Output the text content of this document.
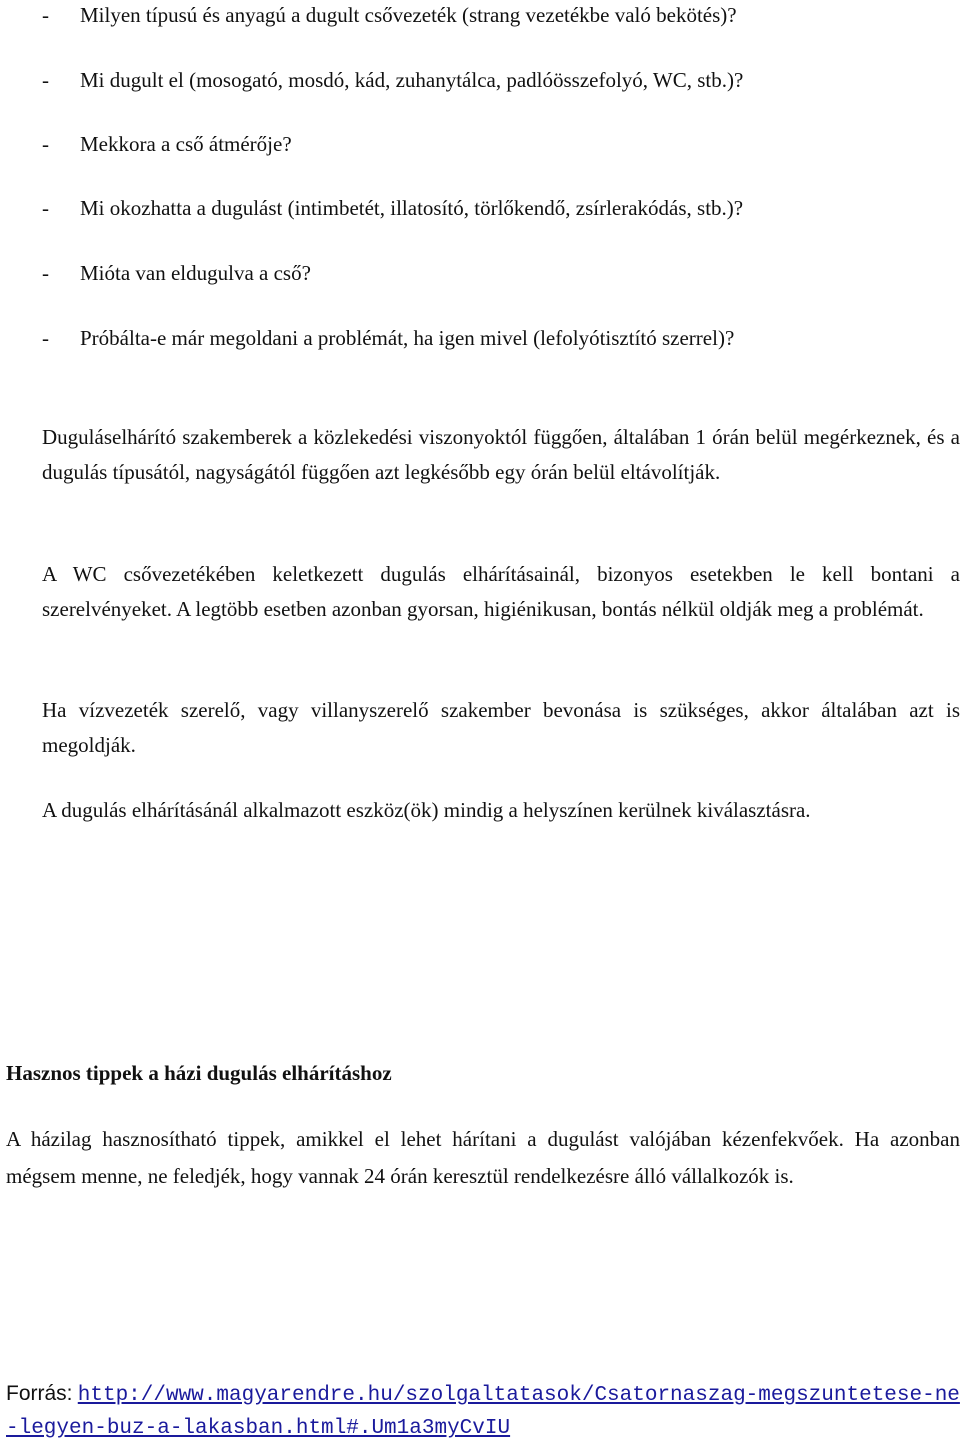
- Milyen típusú és anyagú a dugult csővezeték (strang vezetékbe való bekötés)?
- Mi dugult el (mosogató, mosdó, kád, zuhanytálca, padlóösszefolyó, WC, stb.)?
- Mekkora a cső átmérője?
- Mi okozhatta a dugulást (intimbetét, illatosító, törlőkendő, zsírlerakódás, stb.)?
- Mióta van eldugulva a cső?
- Próbálta-e már megoldani a problémát, ha igen mivel (lefolyótisztító szerrel)?

Duguláselhárító szakemberek a közlekedési viszonyoktól függően, általában 1 órán belül megérkeznek, és a dugulás típusától, nagyságától függően azt legkésőbb egy órán belül eltávolítják.

A WC csővezetékében keletkezett dugulás elhárításainál, bizonyos esetekben le kell bontani a szerelvényeket. A legtöbb esetben azonban gyorsan, higiénikusan, bontás nélkül oldják meg a problémát.

Ha vízvezeték szerelő, vagy villanyszerelő szakember bevonása is szükséges, akkor általában azt is megoldják.

A dugulás elhárításánál alkalmazott eszköz(ök) mindig a helyszínen kerülnek kiválasztásra.

Hasznos tippek a házi dugulás elhárításhoz

A házilag hasznosítható tippek, amikkel el lehet hárítani a dugulást valójában kézenfekvőek. Ha azonban mégsem menne, ne feledjék, hogy vannak 24 órán keresztül rendelkezésre álló vállalkozók is.

Forrás: http://www.magyarendre.hu/szolgaltatasok/Csatornaszag-megszuntetese-ne-legyen-buz-a-lakasban.html#.Um1a3myCvIU
